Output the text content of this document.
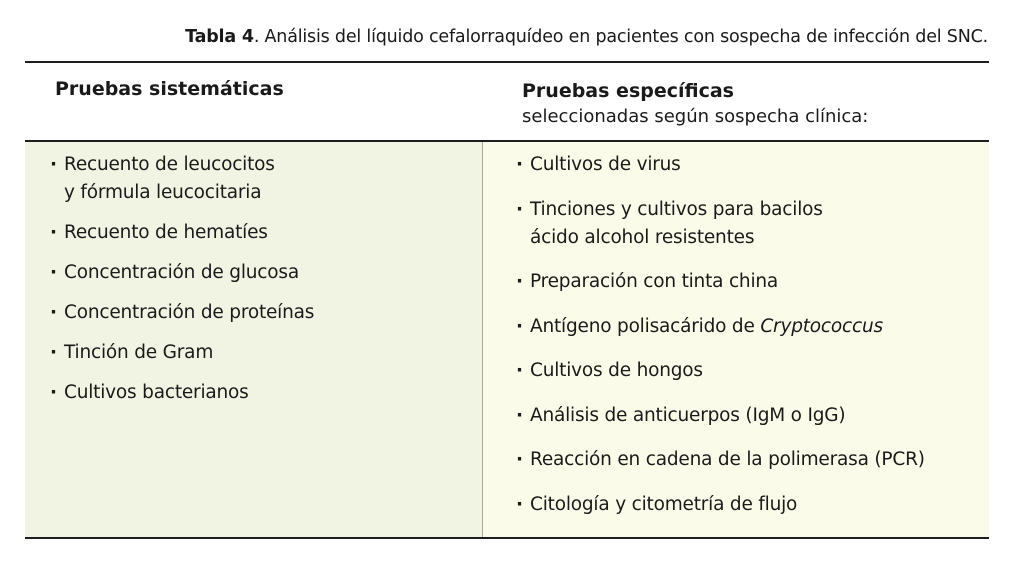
Tabla 4. Análisis del líquido cefalorraquídeo en pacientes con sospecha de infección del SNC.
Pruebas sistemáticas	Pruebas específicas
seleccionadas según sospecha clínica:
· Recuento de leucocitos
y fórmula leucocitaria
· Recuento de hematíes
· Concentración de glucosa
· Concentración de proteínas
· Tinción de Gram
· Cultivos bacterianos
· Cultivos de virus
· Tinciones y cultivos para bacilos
ácido alcohol resistentes
· Preparación con tinta china
· Antígeno polisacárido de Cryptococcus
· Cultivos de hongos
· Análisis de anticuerpos (IgM o IgG)
· Reacción en cadena de la polimerasa (PCR)
· Citología y citometría de flujo
